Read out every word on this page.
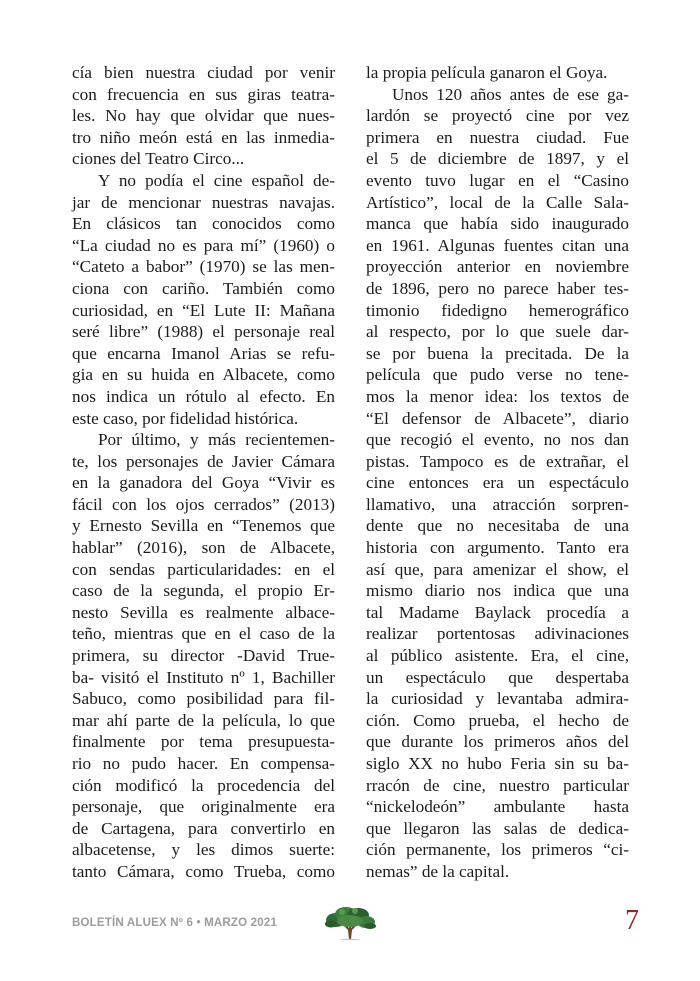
cía bien nuestra ciudad por venir
con frecuencia en sus giras teatra-
les. No hay que olvidar que nues-
tro niño meón está en las inmedia-
ciones del Teatro Circo...
Y no podía el cine español de-
jar de mencionar nuestras navajas.
En clásicos tan conocidos como
“La ciudad no es para mí” (1960) o
“Cateto a babor” (1970) se las men-
ciona con cariño. También como
curiosidad, en “El Lute II: Mañana
seré libre” (1988) el personaje real
que encarna Imanol Arias se refu-
gia en su huida en Albacete, como
nos indica un rótulo al efecto. En
este caso, por fidelidad histórica.
Por último, y más recientemen-
te, los personajes de Javier Cámara
en la ganadora del Goya “Vivir es
fácil con los ojos cerrados” (2013)
y Ernesto Sevilla en “Tenemos que
hablar” (2016), son de Albacete,
con sendas particularidades: en el
caso de la segunda, el propio Er-
nesto Sevilla es realmente albace-
teño, mientras que en el caso de la
primera, su director -David True-
ba- visitó el Instituto nº 1, Bachiller
Sabuco, como posibilidad para fil-
mar ahí parte de la película, lo que
finalmente por tema presupuesta-
rio no pudo hacer. En compensa-
ción modificó la procedencia del
personaje, que originalmente era
de Cartagena, para convertirlo en
albacetense, y les dimos suerte:
tanto Cámara, como Trueba, como
la propia película ganaron el Goya.
Unos 120 años antes de ese ga-
lardón se proyectó cine por vez
primera en nuestra ciudad. Fue
el 5 de diciembre de 1897, y el
evento tuvo lugar en el “Casino
Artístico”, local de la Calle Sala-
manca que había sido inaugurado
en 1961. Algunas fuentes citan una
proyección anterior en noviembre
de 1896, pero no parece haber tes-
timonio fidedigno hemerográfico
al respecto, por lo que suele dar-
se por buena la precitada. De la
película que pudo verse no tene-
mos la menor idea: los textos de
“El defensor de Albacete”, diario
que recogió el evento, no nos dan
pistas. Tampoco es de extrañar, el
cine entonces era un espectáculo
llamativo, una atracción sorpren-
dente que no necesitaba de una
historia con argumento. Tanto era
así que, para amenizar el show, el
mismo diario nos indica que una
tal Madame Baylack procedía a
realizar portentosas adivinaciones
al público asistente. Era, el cine,
un espectáculo que despertaba
la curiosidad y levantaba admira-
ción. Como prueba, el hecho de
que durante los primeros años del
siglo XX no hubo Feria sin su ba-
rracón de cine, nuestro particular
“nickelodeón” ambulante hasta
que llegaron las salas de dedica-
ción permanente, los primeros “ci-
nemas” de la capital.
BOLETÍN ALUEX Nº 6 • MARZO 2021	7
